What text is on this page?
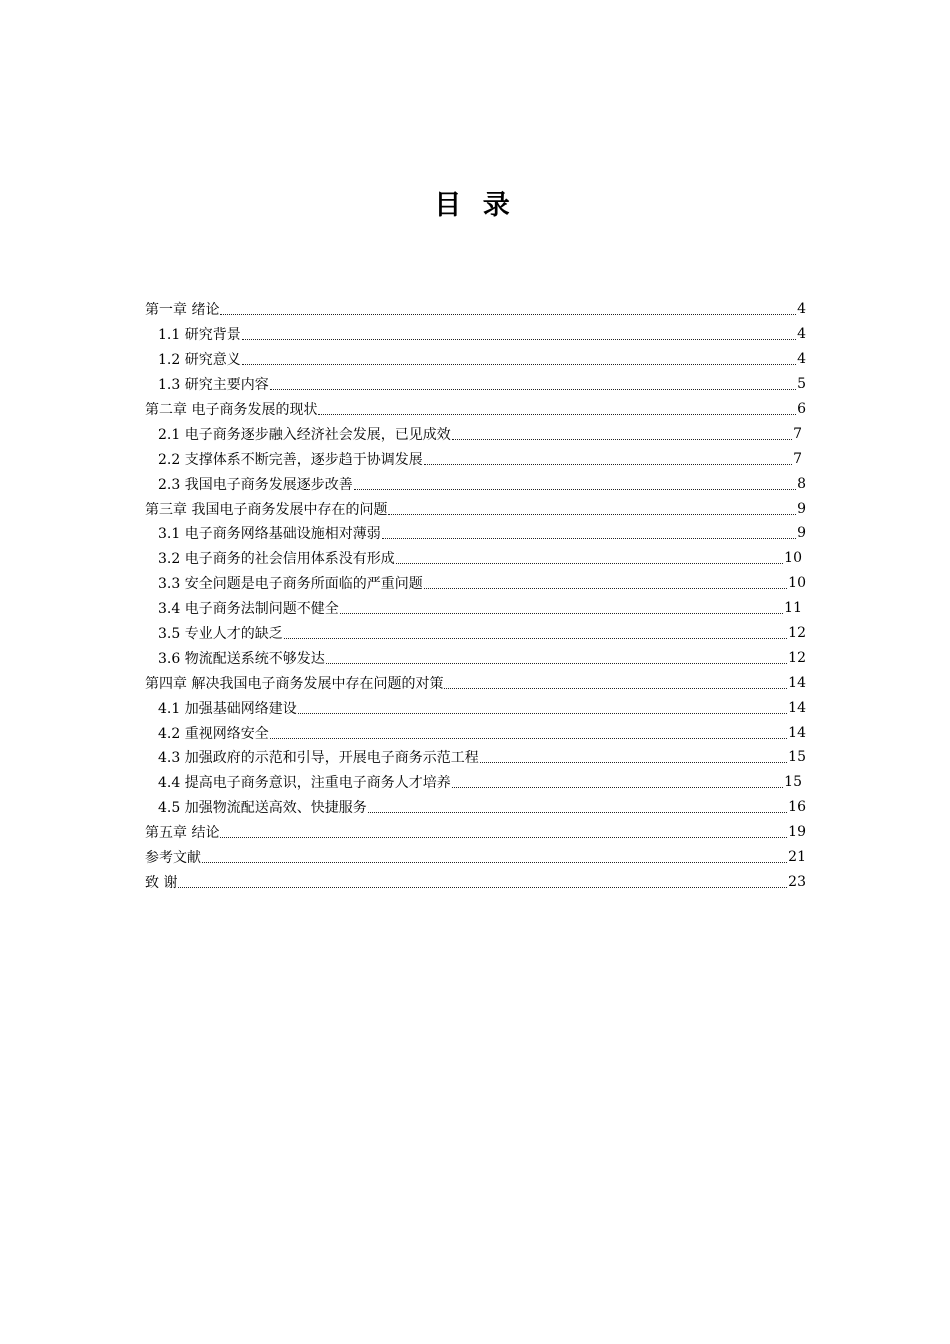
目 录
第一章 绪论	4
1.1 研究背景	4
1.2 研究意义	4
1.3 研究主要内容	5
第二章 电子商务发展的现状	6
2.1 电子商务逐步融入经济社会发展，已见成效	7
2.2 支撑体系不断完善，逐步趋于协调发展	7
2.3 我国电子商务发展逐步改善	8
第三章 我国电子商务发展中存在的问题	9
3.1 电子商务网络基础设施相对薄弱	9
3.2 电子商务的社会信用体系没有形成	10
3.3 安全问题是电子商务所面临的严重问题	10
3.4 电子商务法制问题不健全	11
3.5 专业人才的缺乏	12
3.6 物流配送系统不够发达	12
第四章 解决我国电子商务发展中存在问题的对策	14
4.1 加强基础网络建设	14
4.2 重视网络安全	14
4.3 加强政府的示范和引导，开展电子商务示范工程	15
4.4 提高电子商务意识，注重电子商务人才培养	15
4.5 加强物流配送高效、快捷服务	16
第五章 结论	19
参考文献	21
致 谢	23
